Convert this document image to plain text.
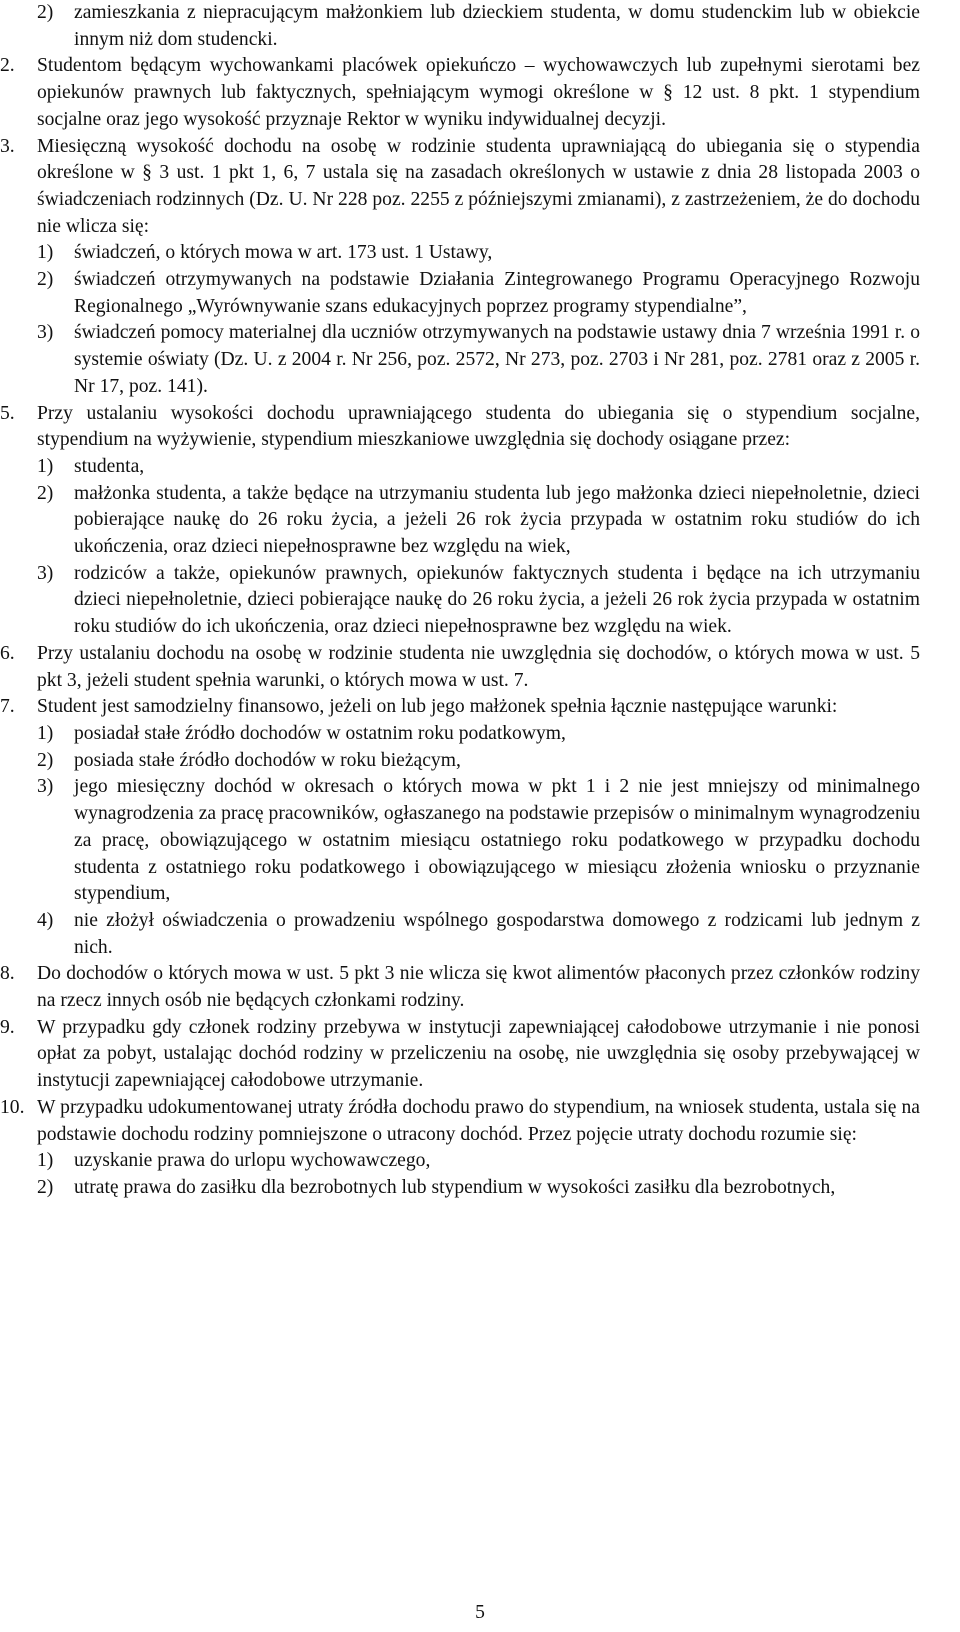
2) zamieszkania z niepracującym małżonkiem lub dzieckiem studenta, w domu studenckim lub w obiekcie innym niż dom studencki.
2. Studentom będącym wychowankami placówek opiekuńczo – wychowawczych lub zupełnymi sierotami bez opiekunów prawnych lub faktycznych, spełniającym wymogi określone w § 12 ust. 8 pkt. 1 stypendium socjalne oraz jego wysokość przyznaje Rektor w wyniku indywidualnej decyzji.
3. Miesięczną wysokość dochodu na osobę w rodzinie studenta uprawniającą do ubiegania się o stypendia określone w § 3 ust. 1 pkt 1, 6, 7 ustala się na zasadach określonych w ustawie z dnia 28 listopada 2003 o świadczeniach rodzinnych (Dz. U. Nr 228 poz. 2255 z późniejszymi zmianami), z zastrzeżeniem, że do dochodu nie wlicza się:
1) świadczeń, o których mowa w art. 173 ust. 1 Ustawy,
2) świadczeń otrzymywanych na podstawie Działania Zintegrowanego Programu Operacyjnego Rozwoju Regionalnego „Wyrównywanie szans edukacyjnych poprzez programy stypendialne”,
3) świadczeń pomocy materialnej dla uczniów otrzymywanych na podstawie ustawy dnia 7 września 1991 r. o systemie oświaty (Dz. U. z 2004 r. Nr 256, poz. 2572, Nr 273, poz. 2703 i Nr 281, poz. 2781 oraz z 2005 r. Nr 17, poz. 141).
5. Przy ustalaniu wysokości dochodu uprawniającego studenta do ubiegania się o stypendium socjalne, stypendium na wyżywienie, stypendium mieszkaniowe uwzględnia się dochody osiągane przez:
1) studenta,
2) małżonka studenta, a także będące na utrzymaniu studenta lub jego małżonka dzieci niepełnoletnie, dzieci pobierające naukę do 26 roku życia, a jeżeli 26 rok życia przypada w ostatnim roku studiów do ich ukończenia, oraz dzieci niepełnosprawne bez względu na wiek,
3) rodziców a także, opiekunów prawnych, opiekunów faktycznych studenta i będące na ich utrzymaniu dzieci niepełnoletnie, dzieci pobierające naukę do 26 roku życia, a jeżeli 26 rok życia przypada w ostatnim roku studiów do ich ukończenia, oraz dzieci niepełnosprawne bez względu na wiek.
6. Przy ustalaniu dochodu na osobę w rodzinie studenta nie uwzględnia się dochodów, o których mowa w ust. 5 pkt 3, jeżeli student spełnia warunki, o których mowa w ust. 7.
7. Student jest samodzielny finansowo, jeżeli on lub jego małżonek spełnia łącznie następujące warunki:
1) posiadał stałe źródło dochodów w ostatnim roku podatkowym,
2) posiada stałe źródło dochodów w roku bieżącym,
3) jego miesięczny dochód w okresach o których mowa w pkt 1 i 2 nie jest mniejszy od minimalnego wynagrodzenia za pracę pracowników, ogłaszanego na podstawie przepisów o minimalnym wynagrodzeniu za pracę, obowiązującego w ostatnim miesiącu ostatniego roku podatkowego w przypadku dochodu studenta z ostatniego roku podatkowego i obowiązującego w miesiącu złożenia wniosku o przyznanie stypendium,
4) nie złożył oświadczenia o prowadzeniu wspólnego gospodarstwa domowego z rodzicami lub jednym z nich.
8. Do dochodów o których mowa w ust. 5 pkt 3 nie wlicza się kwot alimentów płaconych przez członków rodziny na rzecz innych osób nie będących członkami rodziny.
9. W przypadku gdy członek rodziny przebywa w instytucji zapewniającej całodobowe utrzymanie i nie ponosi opłat za pobyt, ustalając dochód rodziny w przeliczeniu na osobę, nie uwzględnia się osoby przebywającej w instytucji zapewniającej całodobowe utrzymanie.
10. W przypadku udokumentowanej utraty źródła dochodu prawo do stypendium, na wniosek studenta, ustala się na podstawie dochodu rodziny pomniejszone o utracony dochód. Przez pojęcie utraty dochodu rozumie się:
1) uzyskanie prawa do urlopu wychowawczego,
2) utratę prawa do zasiłku dla bezrobotnych lub stypendium w wysokości zasiłku dla bezrobotnych,
5
